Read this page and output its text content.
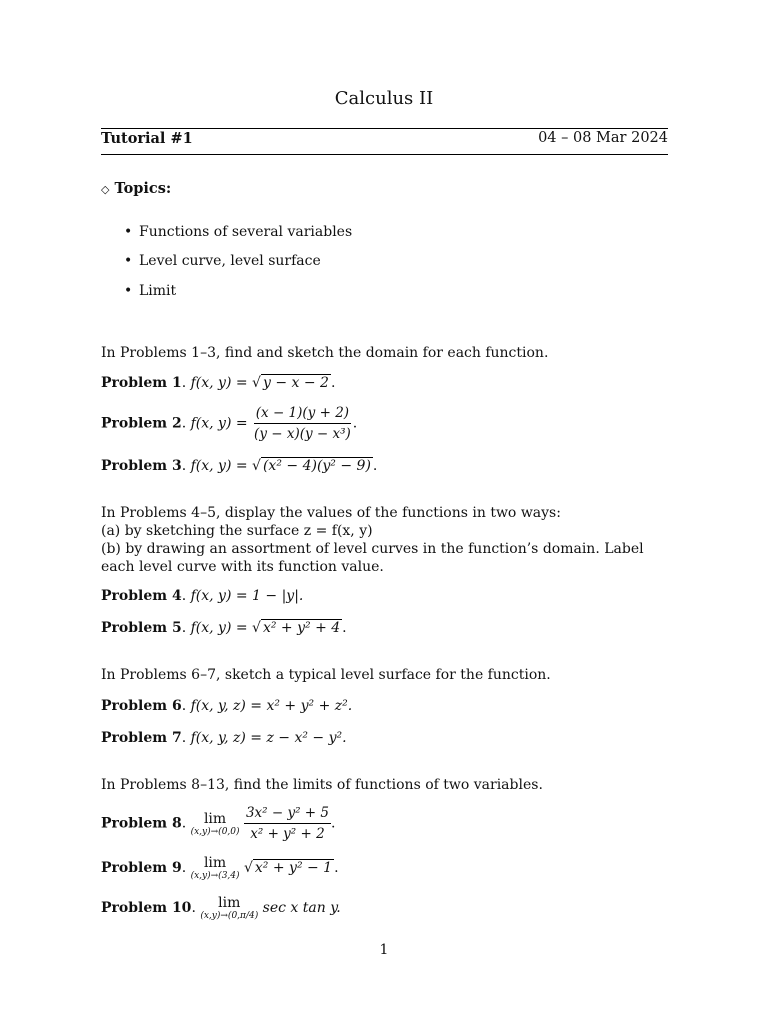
Calculus II
Tutorial #1	04 – 08 Mar 2024
◇ Topics:
• Functions of several variables
• Level curve, level surface
• Limit
In Problems 1–3, find and sketch the domain for each function.
Problem 1. f(x, y) = √ y − x − 2 .
Problem 2. f(x, $y) = \frac{(x - 1)(y + 2)}{\text{(y − x)(y − x³)}}$ .
Problem 3. f(x, y) = √ (x² − 4)(y² − 9) .
In Problems 4–5, display the values of the functions in two ways:
(a) by sketching the surface z = f(x, y)
(b) by drawing an assortment of level curves in the function’s domain. Label each level curve with its function value.
Problem 4. f(x, y) = 1 − |y|.
Problem 5. f(x, y) = √ x² + y² + 4 .
In Problems 6–7, sketch a typical level surface for the function.
Problem 6. f(x, y, z) = x² + y² + z².
Problem 7. f(x, y, z) = z − x² − y².
In Problems 8–13, find the limits of functions of two variables.
Problem 8. lim
(x,y)→(0,0)
$\frac{\text{3x² − y² + 5}}{\text{x² + y² + 2}}$ .
Problem 9. lim
(x,y)→(3,4) √ x² + y² − 1 .
Problem 10. lim
(x,y)→(0,π/4) sec x tan y.
1
